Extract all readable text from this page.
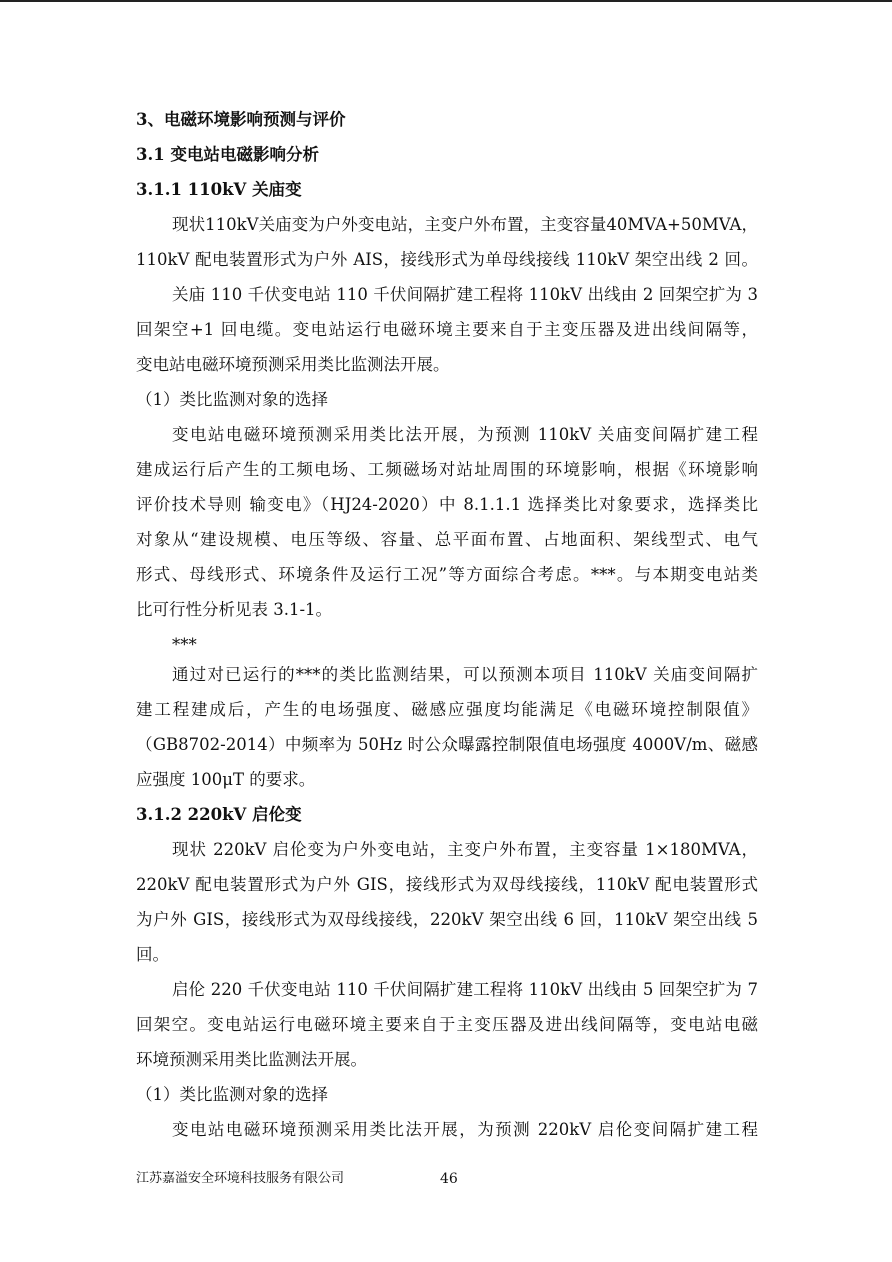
3、电磁环境影响预测与评价
3.1 变电站电磁影响分析
3.1.1 110kV 关庙变
现状110kV关庙变为户外变电站，主变户外布置，主变容量40MVA+50MVA，
110kV 配电装置形式为户外 AIS，接线形式为单母线接线 110kV 架空出线 2 回。
关庙 110 千伏变电站 110 千伏间隔扩建工程将 110kV 出线由 2 回架空扩为 3
回架空+1 回电缆。变电站运行电磁环境主要来自于主变压器及进出线间隔等，
变电站电磁环境预测采用类比监测法开展。
（1）类比监测对象的选择
变电站电磁环境预测采用类比法开展，为预测 110kV 关庙变间隔扩建工程
建成运行后产生的工频电场、工频磁场对站址周围的环境影响，根据《环境影响
评价技术导则 输变电》（HJ24-2020）中 8.1.1.1 选择类比对象要求，选择类比
对象从“建设规模、电压等级、容量、总平面布置、占地面积、架线型式、电气
形式、母线形式、环境条件及运行工况”等方面综合考虑。***。与本期变电站类
比可行性分析见表 3.1-1。
***
通过对已运行的***的类比监测结果，可以预测本项目 110kV 关庙变间隔扩
建工程建成后，产生的电场强度、磁感应强度均能满足《电磁环境控制限值》
（GB8702-2014）中频率为 50Hz 时公众曝露控制限值电场强度 4000V/m、磁感
应强度 100μT 的要求。
3.1.2 220kV 启伦变
现状 220kV 启伦变为户外变电站，主变户外布置，主变容量 1×180MVA，
220kV 配电装置形式为户外 GIS，接线形式为双母线接线，110kV 配电装置形式
为户外 GIS，接线形式为双母线接线，220kV 架空出线 6 回，110kV 架空出线 5
回。
启伦 220 千伏变电站 110 千伏间隔扩建工程将 110kV 出线由 5 回架空扩为 7
回架空。变电站运行电磁环境主要来自于主变压器及进出线间隔等，变电站电磁
环境预测采用类比监测法开展。
（1）类比监测对象的选择
变电站电磁环境预测采用类比法开展，为预测 220kV 启伦变间隔扩建工程
江苏嘉溢安全环境科技服务有限公司	46
